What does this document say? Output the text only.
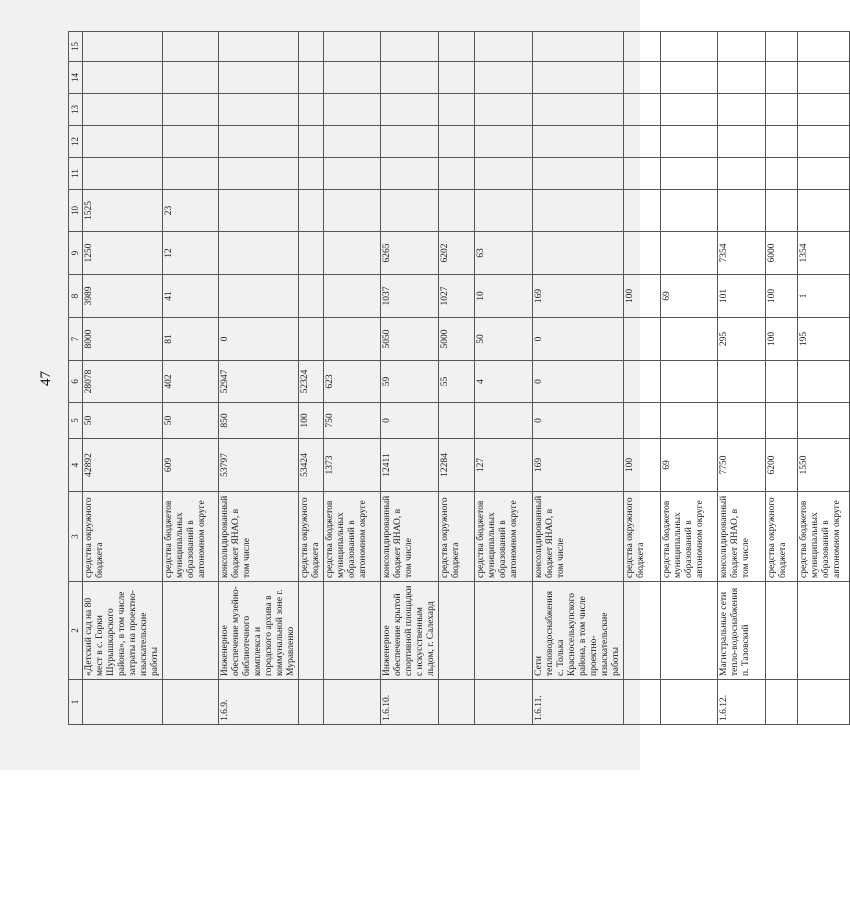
47
1	2	3	4	5	6	7	8	9	10	11	12	13	14	15
	«Детский сад на 80 мест в с. Горки Шурышкарского района», в том числе затраты на проектно-изыскательские работы	средства окружного бюджета	42892	50	28078	8000	3989	1250	1525					
		средства бюджетов муниципальных образований в автономном округе	609	50	402	81	41	12	23					
1.6.9.	Инженерное обеспечение музейно-библиотечного комплекса и городского архива в коммунальной зоне г. Муравленко	консолидированный бюджет ЯНАО, в том числе	53797	850	52947	0								
		средства окружного бюджета	53424	100	52324									
		средства бюджетов муниципальных образований в автономном округе	1373	750	623									
1.6.10.	Инженерное обеспечение крытой спортивной площадки с искусственным льдом, г. Салехард	консолидированный бюджет ЯНАО, в том числе	12411	0	59	5050	1037	6265						
		средства окружного бюджета	12284		55	5000	1027	6202						
		средства бюджетов муниципальных образований в автономном округе	127		4	50	10	63						
1.6.11.	Сети тепловодоснабжения с. Толька Красноселькупского района, в том числе проектно-изыскательские работы	консолидированный бюджет ЯНАО, в том числе	169	0	0	0	169							
		средства окружного бюджета	100				100							
		средства бюджетов муниципальных образований в автономном округе	69				69							
1.6.12.	Магистральные сети тепло-водоснабжения п. Тазовский	консолидированный бюджет ЯНАО, в том числе	7750			295	101	7354						
		средства окружного бюджета	6200			100	100	6000						
		средства бюджетов муниципальных образований в автономном округе	1550			195	1	1354						
